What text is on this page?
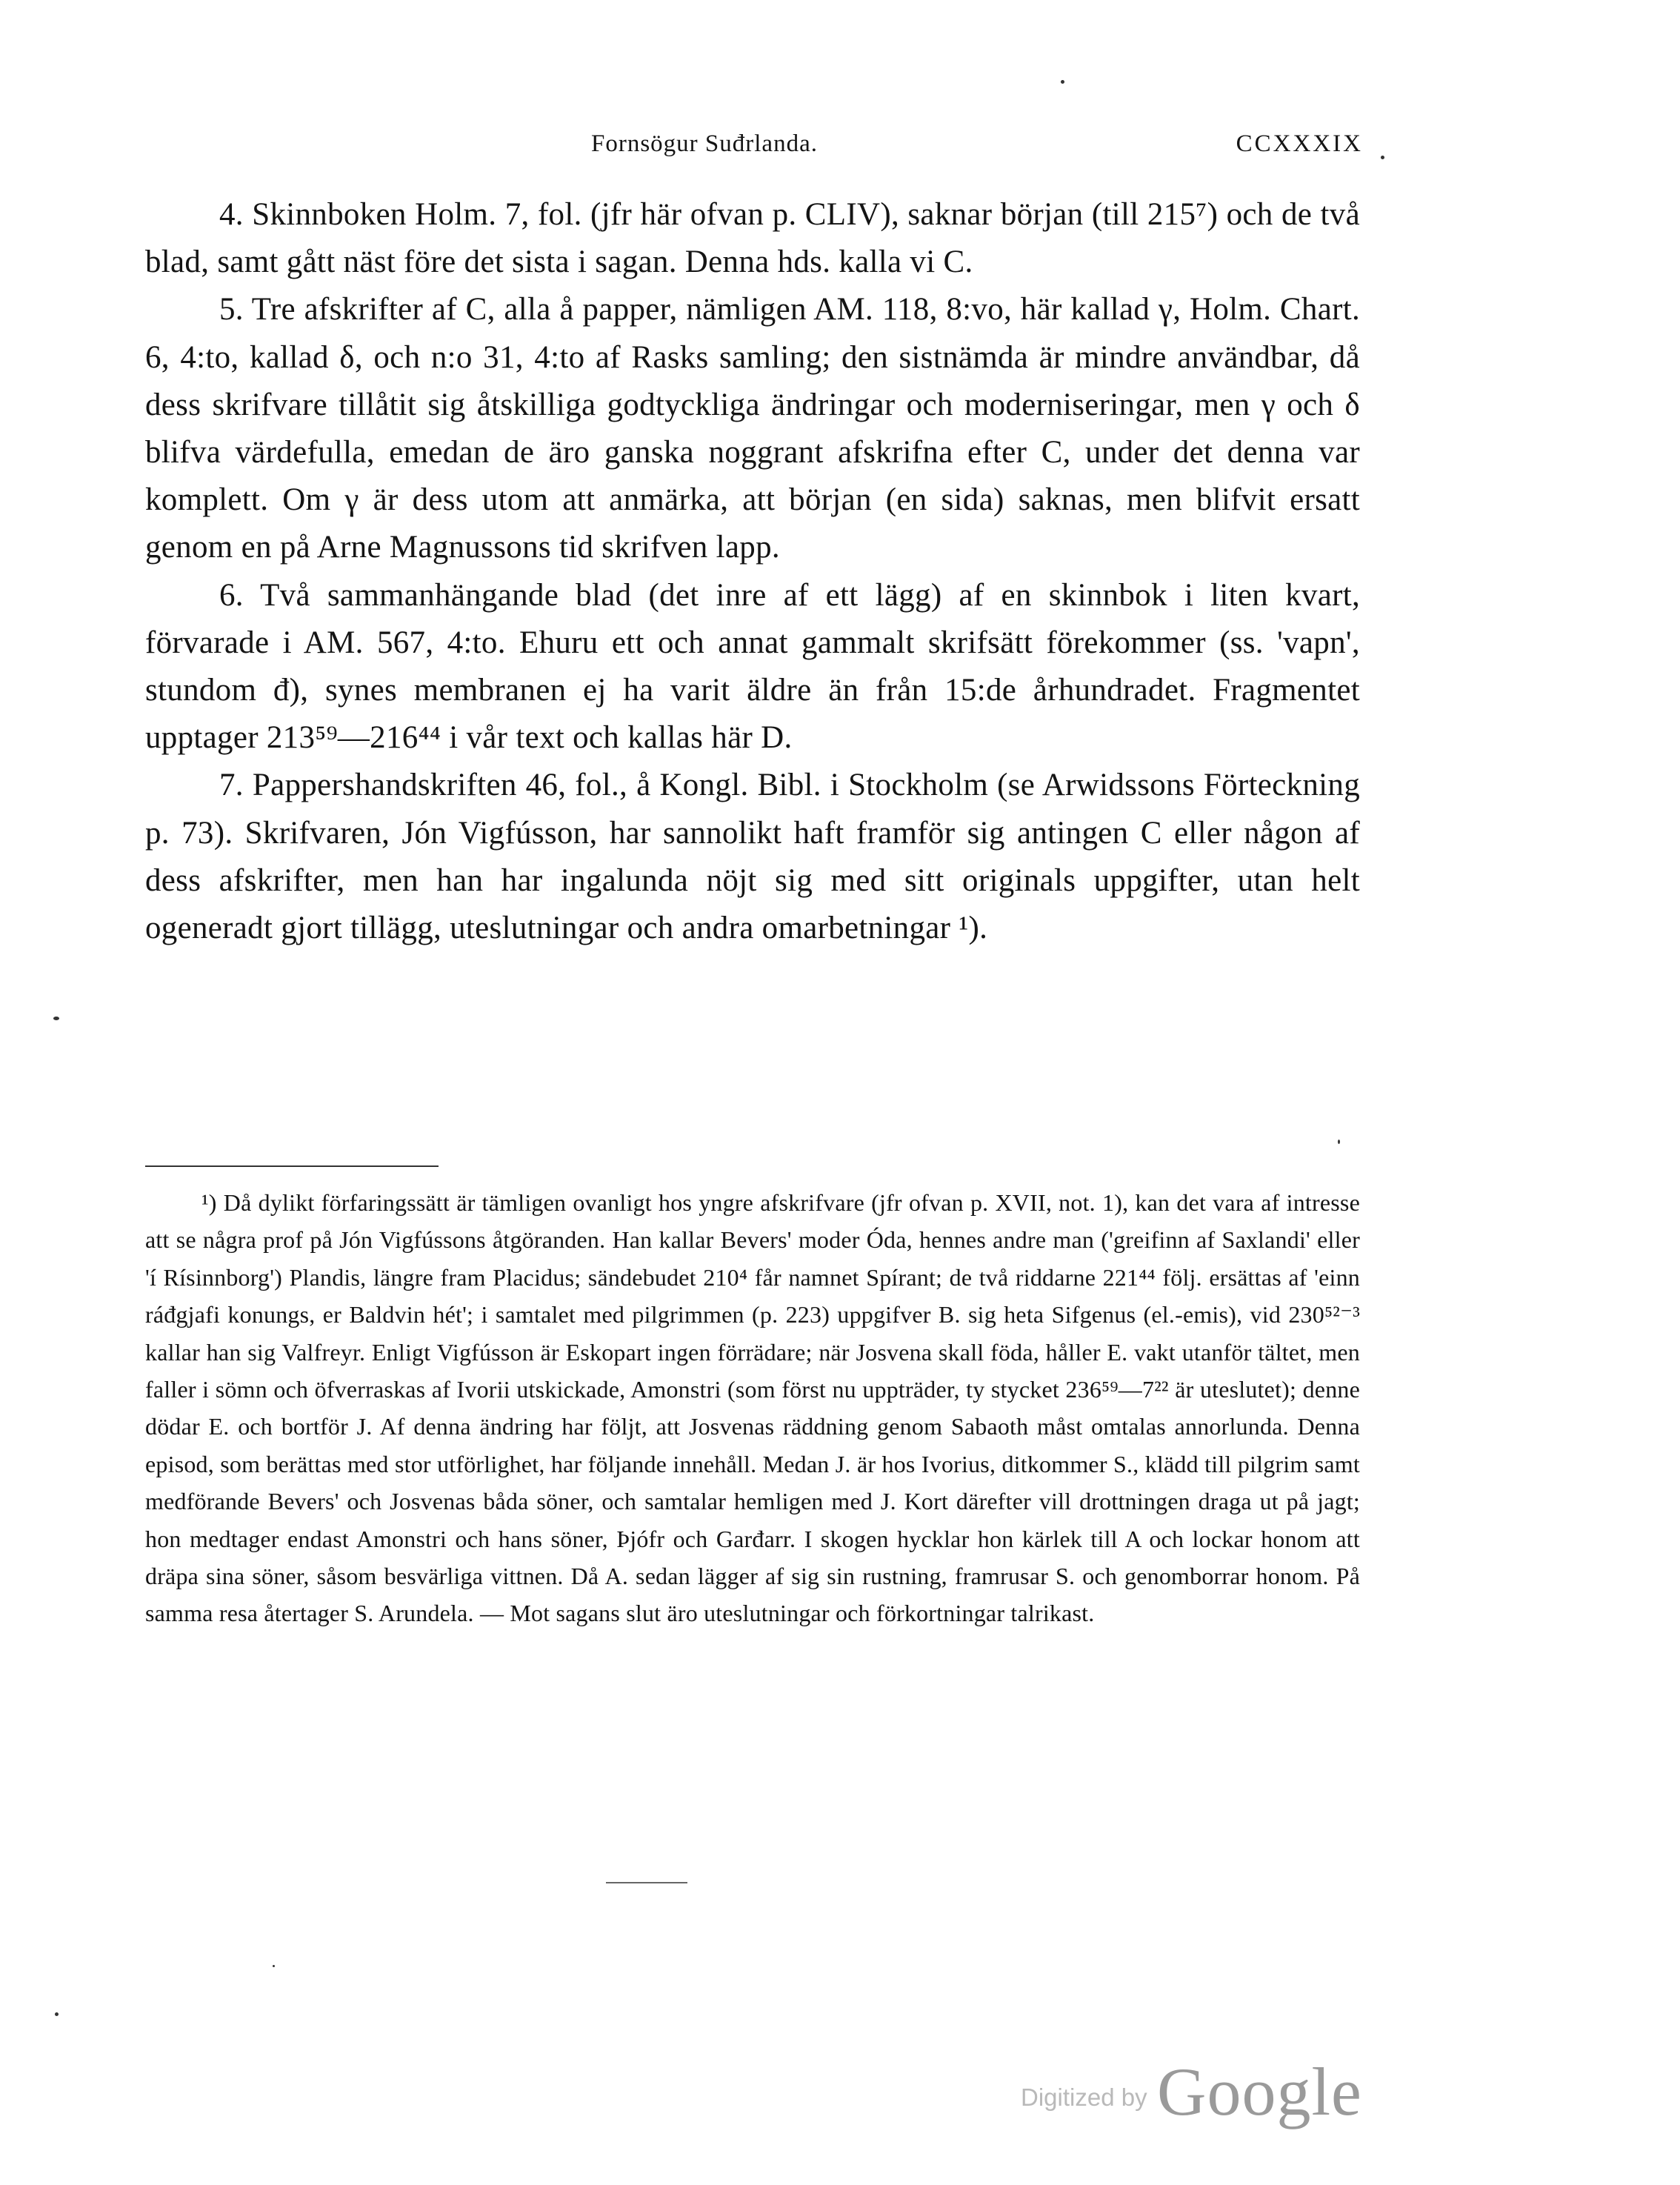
Fornsögur Suđrlanda.	CCXXXIX

4. Skinnboken Holm. 7, fol. (jfr här ofvan p. CLIV), saknar början (till 215⁷) och de två blad, samt gått näst före det sista i sagan. Denna hds. kalla vi C.

5. Tre afskrifter af C, alla å papper, nämligen AM. 118, 8:vo, här kallad γ, Holm. Chart. 6, 4:to, kallad δ, och n:o 31, 4:to af Rasks samling; den sistnämda är mindre användbar, då dess skrifvare tillåtit sig åtskilliga godtyckliga ändringar och moderniseringar, men γ och δ blifva värdefulla, emedan de äro ganska noggrant afskrifna efter C, under det denna var komplett. Om γ är dess utom att anmärka, att början (en sida) saknas, men blifvit ersatt genom en på Arne Magnussons tid skrifven lapp.

6. Två sammanhängande blad (det inre af ett lägg) af en skinnbok i liten kvart, förvarade i AM. 567, 4:to. Ehuru ett och annat gammalt skrifsätt förekommer (ss. 'vapn', stundom đ), synes membranen ej ha varit äldre än från 15:de århundradet. Fragmentet upptager 213⁵⁹—216⁴⁴ i vår text och kallas här D.

7. Pappershandskriften 46, fol., å Kongl. Bibl. i Stockholm (se Arwidssons Förteckning p. 73). Skrifvaren, Jón Vigfússon, har sannolikt haft framför sig antingen C eller någon af dess afskrifter, men han har ingalunda nöjt sig med sitt originals uppgifter, utan helt ogeneradt gjort tillägg, uteslutningar och andra omarbetningar ¹).

¹) Då dylikt förfaringssätt är tämligen ovanligt hos yngre afskrifvare (jfr ofvan p. XVII, not. 1), kan det vara af intresse att se några prof på Jón Vigfússons åtgöranden. Han kallar Bevers' moder Óda, hennes andre man ('greifinn af Saxlandi' eller 'í Rísinnborg') Plandis, längre fram Placidus; sändebudet 210⁴ får namnet Spírant; de två riddarne 221⁴⁴ följ. ersättas af 'einn ráđgjafi konungs, er Baldvin hét'; i samtalet med pilgrimmen (p. 223) uppgifver B. sig heta Sifgenus (el.-emis), vid 230⁵²⁻³ kallar han sig Valfreyr. Enligt Vigfússon är Eskopart ingen förrädare; när Josvena skall föda, håller E. vakt utanför tältet, men faller i sömn och öfverraskas af Ivorii utskickade, Amonstri (som först nu uppträder, ty stycket 236⁵⁹—7²² är uteslutet); denne dödar E. och bortför J. Af denna ändring har följt, att Josvenas räddning genom Sabaoth måst omtalas annorlunda. Denna episod, som berättas med stor utförlighet, har följande innehåll. Medan J. är hos Ivorius, ditkommer S., klädd till pilgrim samt medförande Bevers' och Josvenas båda söner, och samtalar hemligen med J. Kort därefter vill drottningen draga ut på jagt; hon medtager endast Amonstri och hans söner, Þjófr och Garđarr. I skogen hycklar hon kärlek till A och lockar honom att dräpa sina söner, såsom besvärliga vittnen. Då A. sedan lägger af sig sin rustning, framrusar S. och genomborrar honom. På samma resa återtager S. Arundela. — Mot sagans slut äro uteslutningar och förkortningar talrikast.

Digitized by Google
